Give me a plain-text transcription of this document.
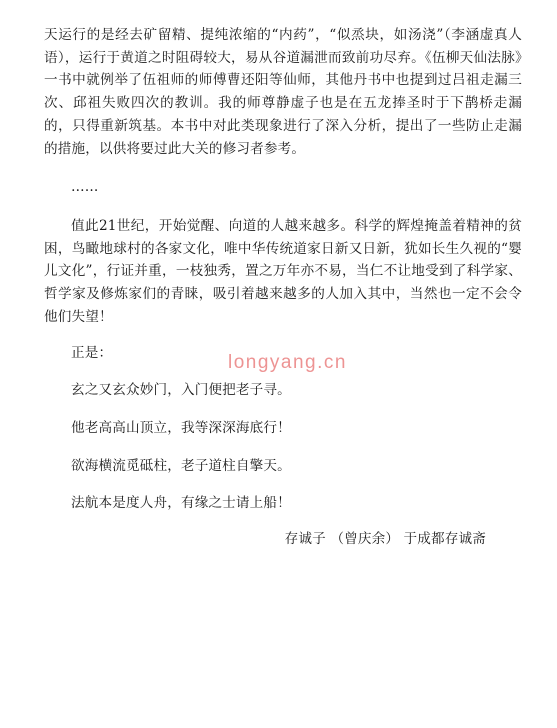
天运行的是经去矿留精、提纯浓缩的“内药”，“似烝块，如汤浇”（李涵虚真人语），运行于黄道之时阻碍较大，易从谷道漏泄而致前功尽弃。《伍柳天仙法脉》一书中就例举了伍祖师的师傅曹还阳等仙师，其他丹书中也提到过吕祖走漏三次、邱祖失败四次的教训。我的师尊静虚子也是在五龙捧圣时于下鹊桥走漏的，只得重新筑基。本书中对此类现象进行了深入分析，提出了一些防止走漏的措施，以供将要过此大关的修习者参考。

……

值此21世纪，开始觉醒、向道的人越来越多。科学的辉煌掩盖着精神的贫困，鸟瞰地球村的各家文化，唯中华传统道家日新又日新，犹如长生久视的“婴儿文化”，行证并重，一枝独秀，置之万年亦不易，当仁不让地受到了科学家、哲学家及修炼家们的青睐，吸引着越来越多的人加入其中，当然也一定不会令他们失望！

正是：

玄之又玄众妙门，入门便把老子寻。

他老高高山顶立，我等深深海底行！

欲海横流觅砥柱，老子道柱自擎天。

法航本是度人舟，有缘之士请上船！

存诚子 （曾庆余） 于成都存诚斋

longyang.cn
